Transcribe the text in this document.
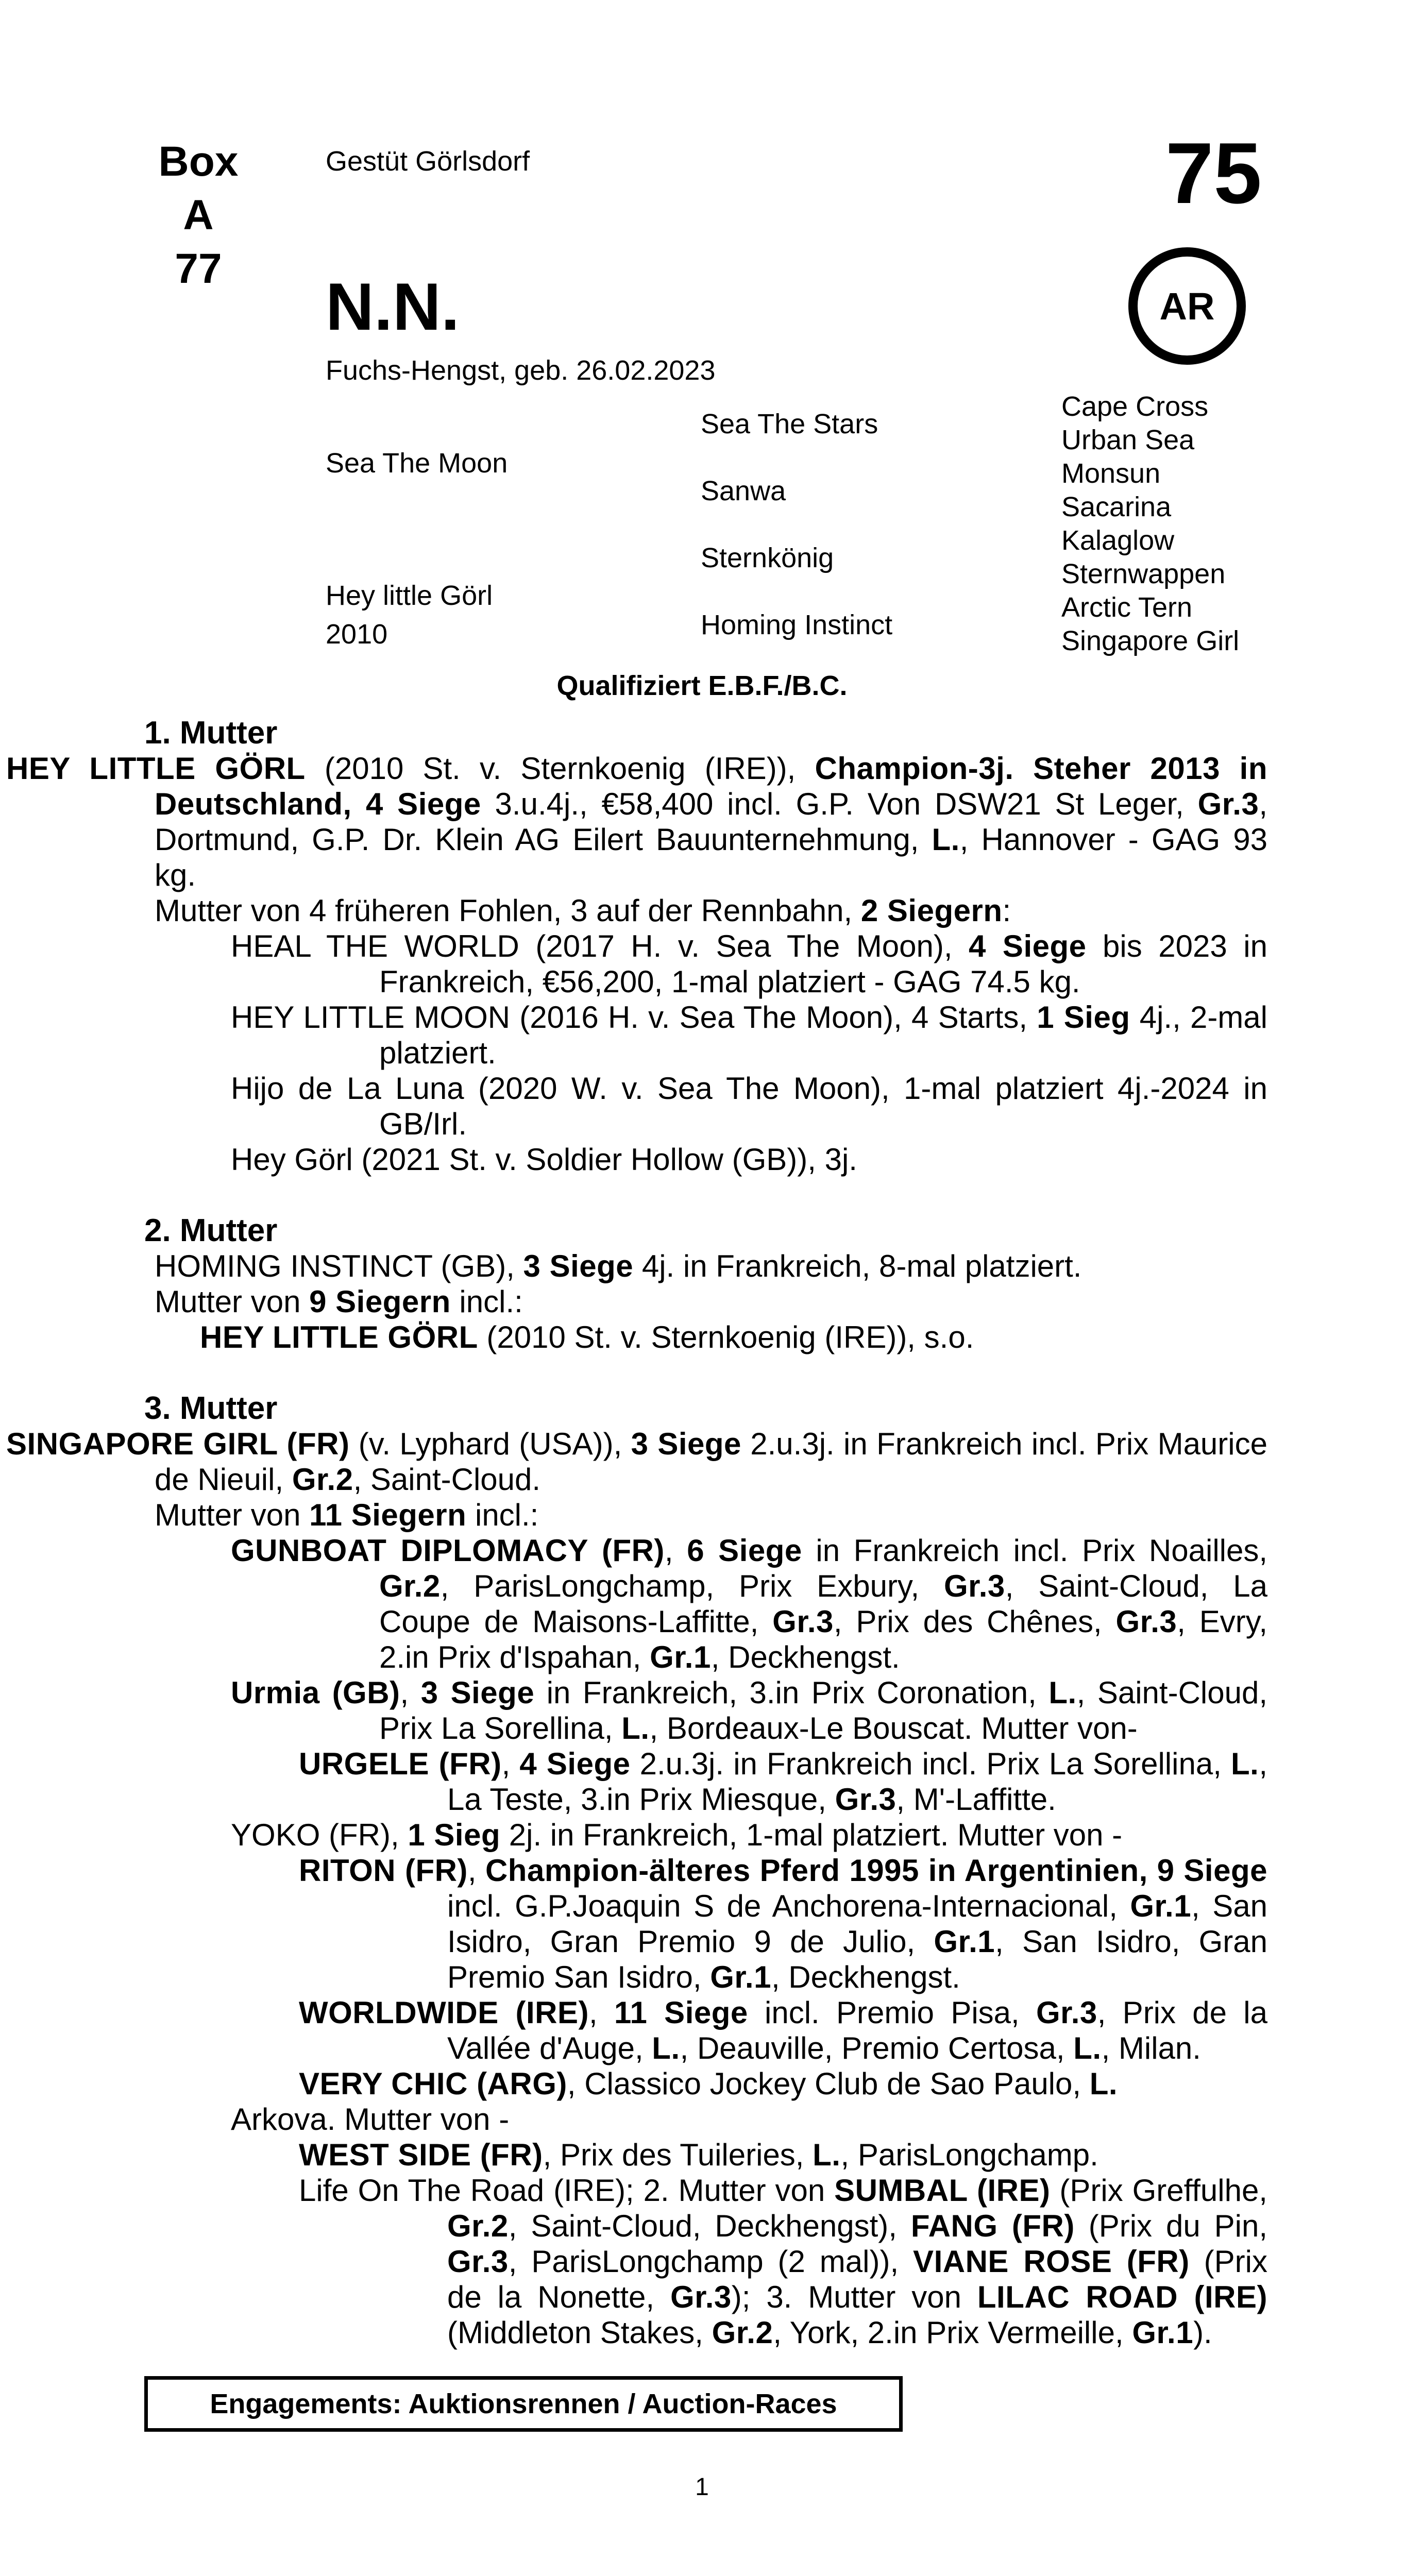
Box
A 77
Gestüt Görlsdorf	75
AR
N.N.
Fuchs-Hengst, geb. 26.02.2023
Sea The Moon
Hey little Görl
2010
Sea The Stars
Sanwa
Sternkönig
Homing Instinct
Cape Cross
Urban Sea
Monsun
Sacarina
Kalaglow
Sternwappen
Arctic Tern
Singapore Girl
Qualifiziert E.B.F./B.C.

1. Mutter

HEY LITTLE GÖRL (2010 St. v. Sternkoenig (IRE)), Champion-3j. Steher 2013 in Deutschland, 4 Siege 3.u.4j., €58,400 incl. G.P. Von DSW21 St Leger, Gr.3, Dortmund, G.P. Dr. Klein AG Eilert Bauunternehmung, L., Hannover - GAG 93 kg.

Mutter von 4 früheren Fohlen, 3 auf der Rennbahn, 2 Siegern:

HEAL THE WORLD (2017 H. v. Sea The Moon), 4 Siege bis 2023 in Frankreich, €56,200, 1-mal platziert - GAG 74.5 kg.

HEY LITTLE MOON (2016 H. v. Sea The Moon), 4 Starts, 1 Sieg 4j., 2-mal platziert.

Hijo de La Luna (2020 W. v. Sea The Moon), 1-mal platziert 4j.-2024 in GB/Irl.

Hey Görl (2021 St. v. Soldier Hollow (GB)), 3j.

2. Mutter

HOMING INSTINCT (GB), 3 Siege 4j. in Frankreich, 8-mal platziert.

Mutter von 9 Siegern incl.:

HEY LITTLE GÖRL (2010 St. v. Sternkoenig (IRE)), s.o.

3. Mutter

SINGAPORE GIRL (FR) (v. Lyphard (USA)), 3 Siege 2.u.3j. in Frankreich incl. Prix Maurice de Nieuil, Gr.2, Saint-Cloud.

Mutter von 11 Siegern incl.:

GUNBOAT DIPLOMACY (FR), 6 Siege in Frankreich incl. Prix Noailles, Gr.2, ParisLongchamp, Prix Exbury, Gr.3, Saint-Cloud, La Coupe de Maisons-Laffitte, Gr.3, Prix des Chênes, Gr.3, Evry, 2.in Prix d'Ispahan, Gr.1, Deckhengst.

Urmia (GB), 3 Siege in Frankreich, 3.in Prix Coronation, L., Saint-Cloud, Prix La Sorellina, L., Bordeaux-Le Bouscat. Mutter von-

URGELE (FR), 4 Siege 2.u.3j. in Frankreich incl. Prix La Sorellina, L., La Teste, 3.in Prix Miesque, Gr.3, M'-Laffitte.

YOKO (FR), 1 Sieg 2j. in Frankreich, 1-mal platziert. Mutter von -

RITON (FR), Champion-älteres Pferd 1995 in Argentinien, 9 Siege incl. G.P.Joaquin S de Anchorena-Internacional, Gr.1, San Isidro, Gran Premio 9 de Julio, Gr.1, San Isidro, Gran Premio San Isidro, Gr.1, Deckhengst.

WORLDWIDE (IRE), 11 Siege incl. Premio Pisa, Gr.3, Prix de la Vallée d'Auge, L., Deauville, Premio Certosa, L., Milan.

VERY CHIC (ARG), Classico Jockey Club de Sao Paulo, L.

Arkova. Mutter von -

WEST SIDE (FR), Prix des Tuileries, L., ParisLongchamp.

Life On The Road (IRE); 2. Mutter von SUMBAL (IRE) (Prix Greffulhe, Gr.2, Saint-Cloud, Deckhengst), FANG (FR) (Prix du Pin, Gr.3, ParisLongchamp (2 mal)), VIANE ROSE (FR) (Prix de la Nonette, Gr.3); 3. Mutter von LILAC ROAD (IRE) (Middleton Stakes, Gr.2, York, 2.in Prix Vermeille, Gr.1).

Engagements: Auktionsrennen / Auction-Races
1
